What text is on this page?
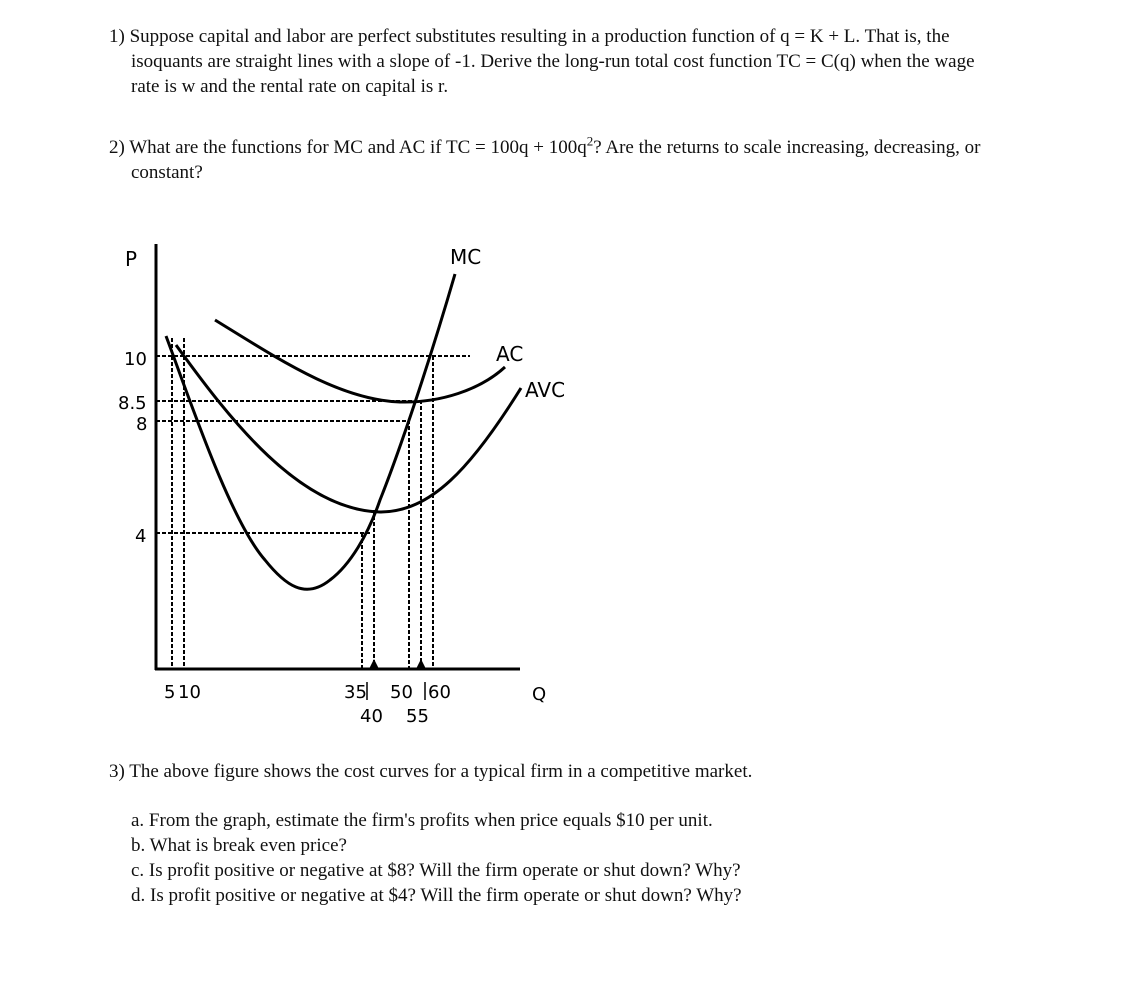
1) Suppose capital and labor are perfect substitutes resulting in a production function of q = K + L. That is, the
isoquants are straight lines with a slope of -1. Derive the long-run total cost function TC = C(q) when the wage
rate is w and the rental rate on capital is r.
2) What are the functions for MC and AC if TC = $100q + 100q^2$? Are the returns to scale increasing, decreasing, or
constant?
P
Q
10
8.5
8
4
5 10	35 50 60
40 55
MC
AC
AVC
3) The above figure shows the cost curves for a typical firm in a competitive market.
a. From the graph, estimate the firm's profits when price equals $10 per unit.
b. What is break even price?
c. Is profit positive or negative at $8? Will the firm operate or shut down? Why?
d. Is profit positive or negative at $4? Will the firm operate or shut down? Why?
